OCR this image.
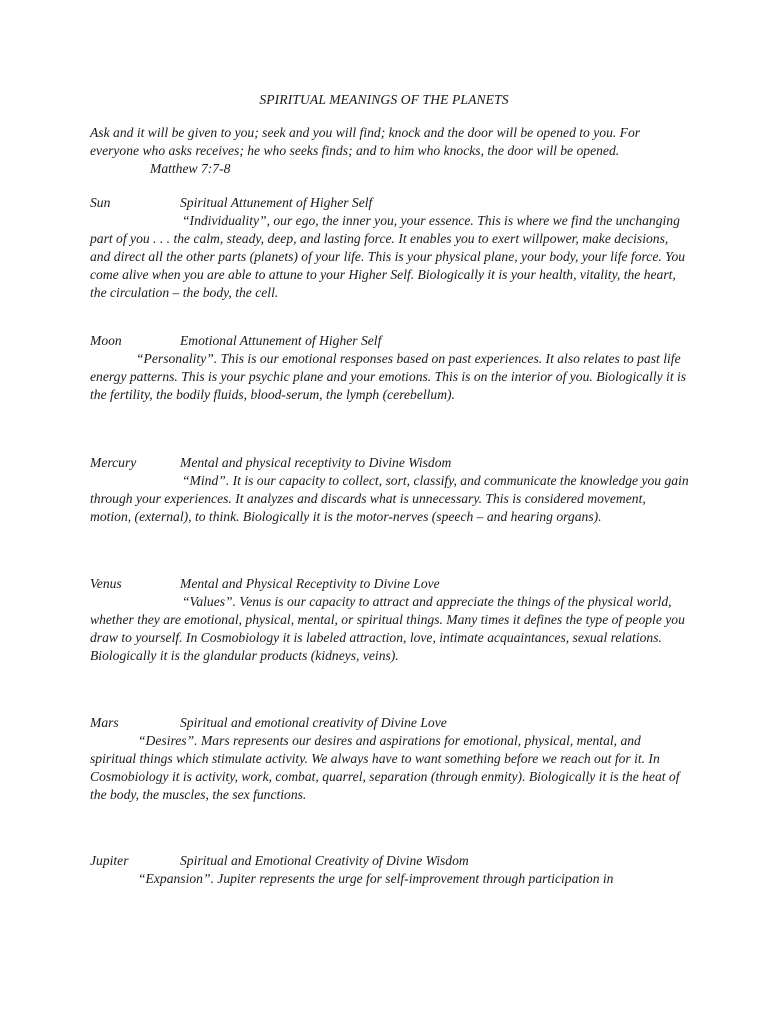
SPIRITUAL MEANINGS OF THE PLANETS
Ask and it will be given to you; seek and you will find; knock and the door will be opened to you. For everyone who asks receives; he who seeks finds; and to him who knocks, the door will be opened. Matthew 7:7-8
Sun	Spiritual Attunement of Higher Self

“Individuality”, our ego, the inner you, your essence. This is where we find the unchanging part of you . . . the calm, steady, deep, and lasting force. It enables you to exert willpower, make decisions, and direct all the other parts (planets) of your life. This is your physical plane, your body, your life force. You come alive when you are able to attune to your Higher Self. Biologically it is your health, vitality, the heart, the circulation – the body, the cell.

Moon	Emotional Attunement of Higher Self

“Personality”. This is our emotional responses based on past experiences. It also relates to past life energy patterns. This is your psychic plane and your emotions. This is on the interior of you. Biologically it is the fertility, the bodily fluids, blood-serum, the lymph (cerebellum).

Mercury	Mental and physical receptivity to Divine Wisdom

“Mind”. It is our capacity to collect, sort, classify, and communicate the knowledge you gain through your experiences. It analyzes and discards what is unnecessary. This is considered movement, motion, (external), to think. Biologically it is the motor-nerves (speech – and hearing organs).

Venus	Mental and Physical Receptivity to Divine Love

“Values”. Venus is our capacity to attract and appreciate the things of the physical world, whether they are emotional, physical, mental, or spiritual things. Many times it defines the type of people you draw to yourself. In Cosmobiology it is labeled attraction, love, intimate acquaintances, sexual relations. Biologically it is the glandular products (kidneys, veins).

Mars	Spiritual and emotional creativity of Divine Love

“Desires”. Mars represents our desires and aspirations for emotional, physical, mental, and spiritual things which stimulate activity. We always have to want something before we reach out for it. In Cosmobiology it is activity, work, combat, quarrel, separation (through enmity). Biologically it is the heat of the body, the muscles, the sex functions.

Jupiter	Spiritual and Emotional Creativity of Divine Wisdom

“Expansion”. Jupiter represents the urge for self-improvement through participation in
